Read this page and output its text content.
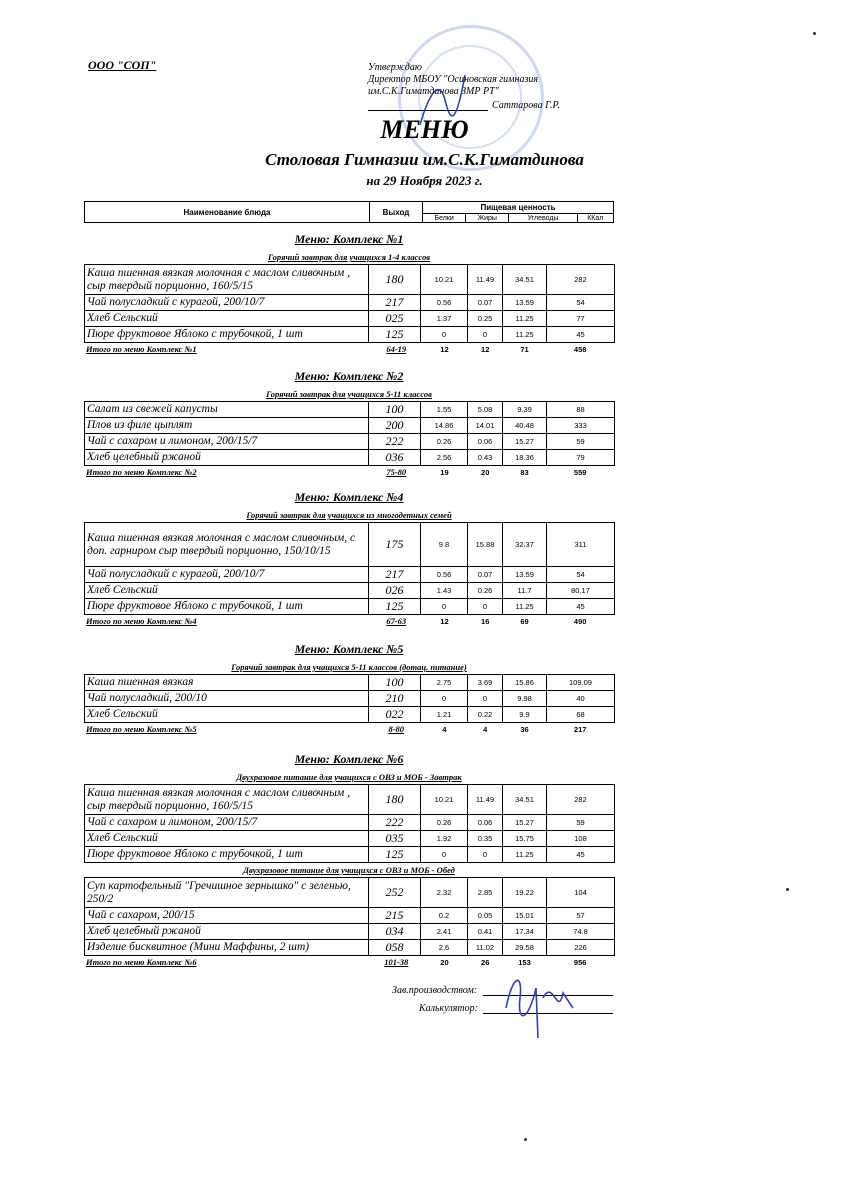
ООО "СОП"	Утверждаю
Директор МБОУ "Осиновская гимназия
им.С.К.Гиматдинова ЗМР РТ"
Саттарова Г.Р.
МЕНЮ
Столовая Гимназии им.С.К.Гиматдинова
на 29 Ноября 2023 г.
Наименование блюда	Выход	Пищевая ценность			
		Белки	Жиры	Углеводы	ККал
Меню: Комплекс №1
Горячий завтрак для учащихся 1-4 классов
Каша пшенная вязкая молочная с маслом сливочным , сыр твердый порционно, 160/5/15	180	10.21	11.49	34.51	282
Чай полусладкий с курагой, 200/10/7	217	0.56	0.07	13.59	54
Хлеб Сельский	025	1.37	0.25	11.25	77
Пюре фруктовое Яблоко с трубочкой, 1 шт	125	0	0	11.25	45
Итого по меню Комплекс №1	64-19	12	12	71	458
Меню: Комплекс №2
Горячий завтрак для учащихся 5-11 классов
Салат из свежей капусты	100	1.55	5.08	9.39	88
Плов из филе цыплят	200	14.86	14.01	40.48	333
Чай с сахаром и лимоном, 200/15/7	222	0.26	0.06	15.27	59
Хлеб целебный ржаной	036	2.56	0.43	18.36	79
Итого по меню Комплекс №2	75-80	19	20	83	559
Меню: Комплекс №4
Горячий завтрак для учащихся из многодетных семей
Каша пшенная вязкая молочная с маслом сливочным, с доп. гарниром сыр твердый порционно, 150/10/15	175	9.8	15.88	32.37	311
Чай полусладкий с курагой, 200/10/7	217	0.56	0.07	13.59	54
Хлеб Сельский	026	1.43	0.26	11.7	80.17
Пюре фруктовое Яблоко с трубочкой, 1 шт	125	0	0	11.25	45
Итого по меню Комплекс №4	67-63	12	16	69	490
Меню: Комплекс №5
Горячий завтрак для учащихся 5-11 классов (дотац. питание)
Каша пшенная вязкая	100	2.75	3.69	15.86	109.09
Чай полусладкий, 200/10	210	0	0	9.98	40
Хлеб Сельский	022	1.21	0.22	9.9	68
Итого по меню Комплекс №5	8-80	4	4	36	217
Меню: Комплекс №6
Двухразовое питание для учащихся с ОВЗ и МОБ - Завтрак
Каша пшенная вязкая молочная с маслом сливочным , сыр твердый порционно, 160/5/15	180	10.21	11.49	34.51	282
Чай с сахаром и лимоном, 200/15/7	222	0.26	0.06	15.27	59
Хлеб Сельский	035	1.92	0.35	15.75	108
Пюре фруктовое Яблоко с трубочкой, 1 шт	125	0	0	11.25	45
Двухразовое питание для учащихся с ОВЗ и МОБ - Обед
Суп картофельный "Гречишное зернышко" с зеленью, 250/2	252	2.32	2.85	19.22	104
Чай с сахаром, 200/15	215	0.2	0.05	15.01	57
Хлеб целебный ржаной	034	2.41	0.41	17.34	74.8
Изделие бисквитное (Мини Маффины, 2 шт)	058	2,6	11.02	29.58	226
Итого по меню Комплекс №6	101-38	20	26	153	956
Зав.производством:
Калькулятор:
